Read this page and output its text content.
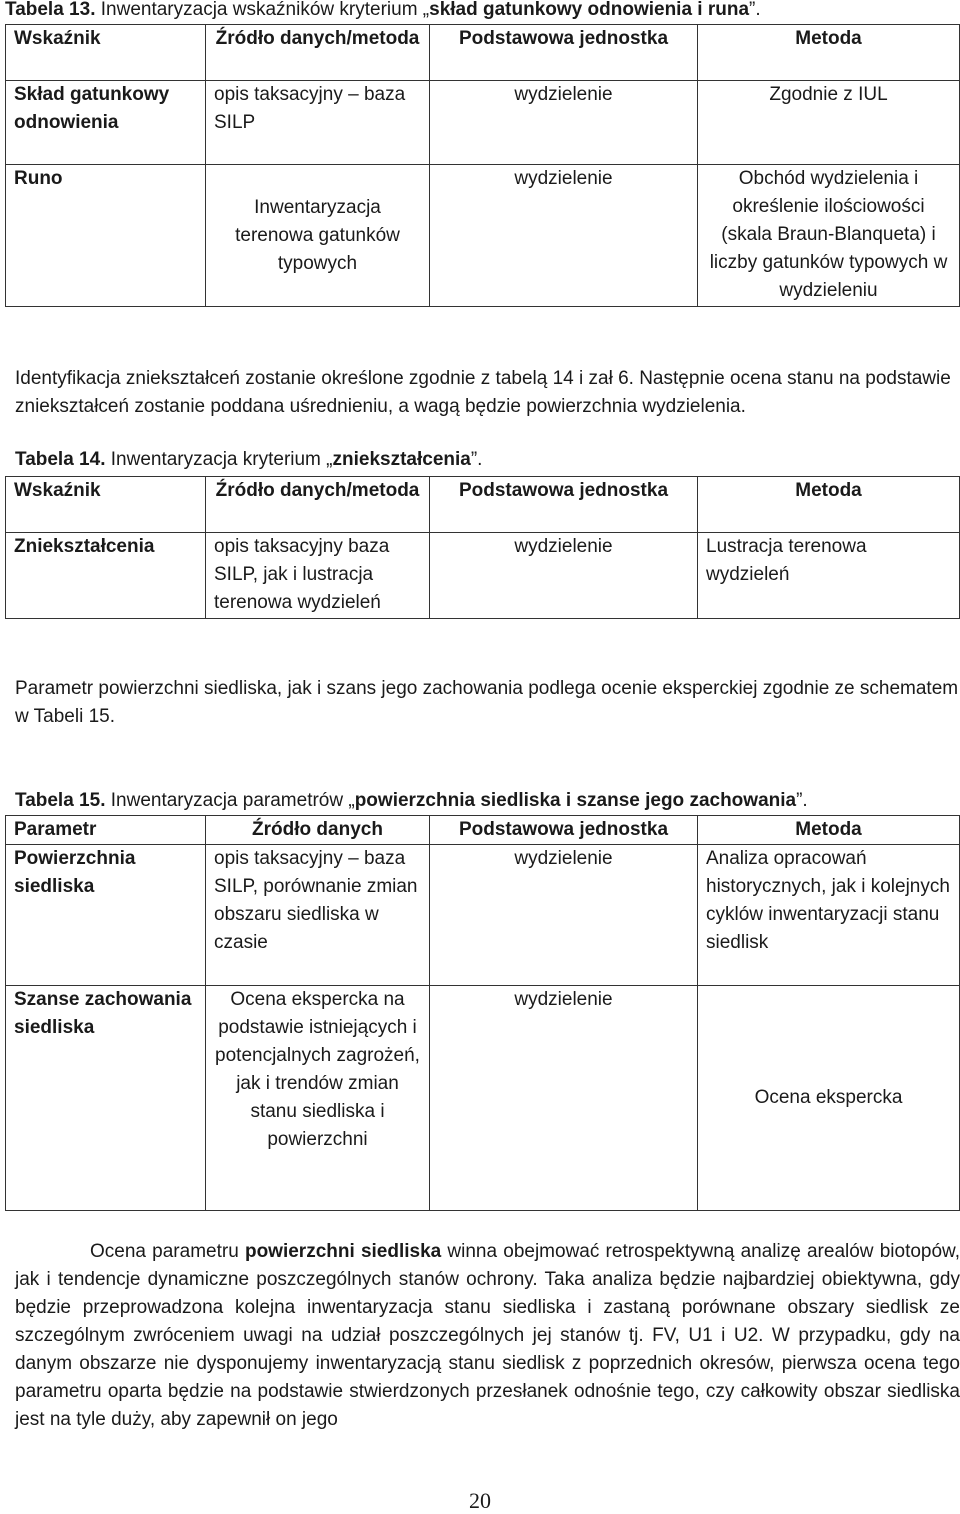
Tabela 13. Inwentaryzacja wskaźników kryterium „skład gatunkowy odnowienia i runa”.
Wskaźnik	Źródło danych/metoda	Podstawowa jednostka	Metoda
Skład gatunkowy odnowienia	opis taksacyjny – baza SILP	wydzielenie	Zgodnie z IUL
Runo	Inwentaryzacja terenowa gatunków typowych	wydzielenie	Obchód wydzielenia i określenie ilościowości (skala Braun-Blanqueta) i liczby gatunków typowych w wydzieleniu

Identyfikacja zniekształceń zostanie określone zgodnie z tabelą 14 i zał 6. Następnie ocena stanu na podstawie zniekształceń zostanie poddana uśrednieniu, a wagą będzie powierzchnia wydzielenia.

Tabela 14. Inwentaryzacja kryterium „zniekształcenia”.
Wskaźnik	Źródło danych/metoda	Podstawowa jednostka	Metoda
Zniekształcenia	opis taksacyjny baza SILP, jak i lustracja terenowa wydzieleń	wydzielenie	Lustracja terenowa wydzieleń

Parametr powierzchni siedliska, jak i szans jego zachowania podlega ocenie eksperckiej zgodnie ze schematem w Tabeli 15.

Tabela 15. Inwentaryzacja parametrów „powierzchnia siedliska i szanse jego zachowania”.
Parametr	Źródło danych	Podstawowa jednostka	Metoda
Powierzchnia siedliska	opis taksacyjny – baza SILP, porównanie zmian obszaru siedliska w czasie	wydzielenie	Analiza opracowań historycznych, jak i kolejnych cyklów inwentaryzacji stanu siedlisk
Szanse zachowania siedliska	Ocena ekspercka na podstawie istniejących i potencjalnych zagrożeń, jak i trendów zmian stanu siedliska i powierzchni	wydzielenie	Ocena ekspercka

Ocena parametru powierzchni siedliska winna obejmować retrospektywną analizę arealów biotopów, jak i tendencje dynamiczne poszczególnych stanów ochrony. Taka analiza będzie najbardziej obiektywna, gdy będzie przeprowadzona kolejna inwentaryzacja stanu siedliska i zastaną porównane obszary siedlisk ze szczególnym zwróceniem uwagi na udział poszczególnych jej stanów tj. FV, U1 i U2. W przypadku, gdy na danym obszarze nie dysponujemy inwentaryzacją stanu siedlisk z poprzednich okresów, pierwsza ocena tego parametru oparta będzie na podstawie stwierdzonych przesłanek odnośnie tego, czy całkowity obszar siedliska jest na tyle duży, aby zapewnił on jego

20
